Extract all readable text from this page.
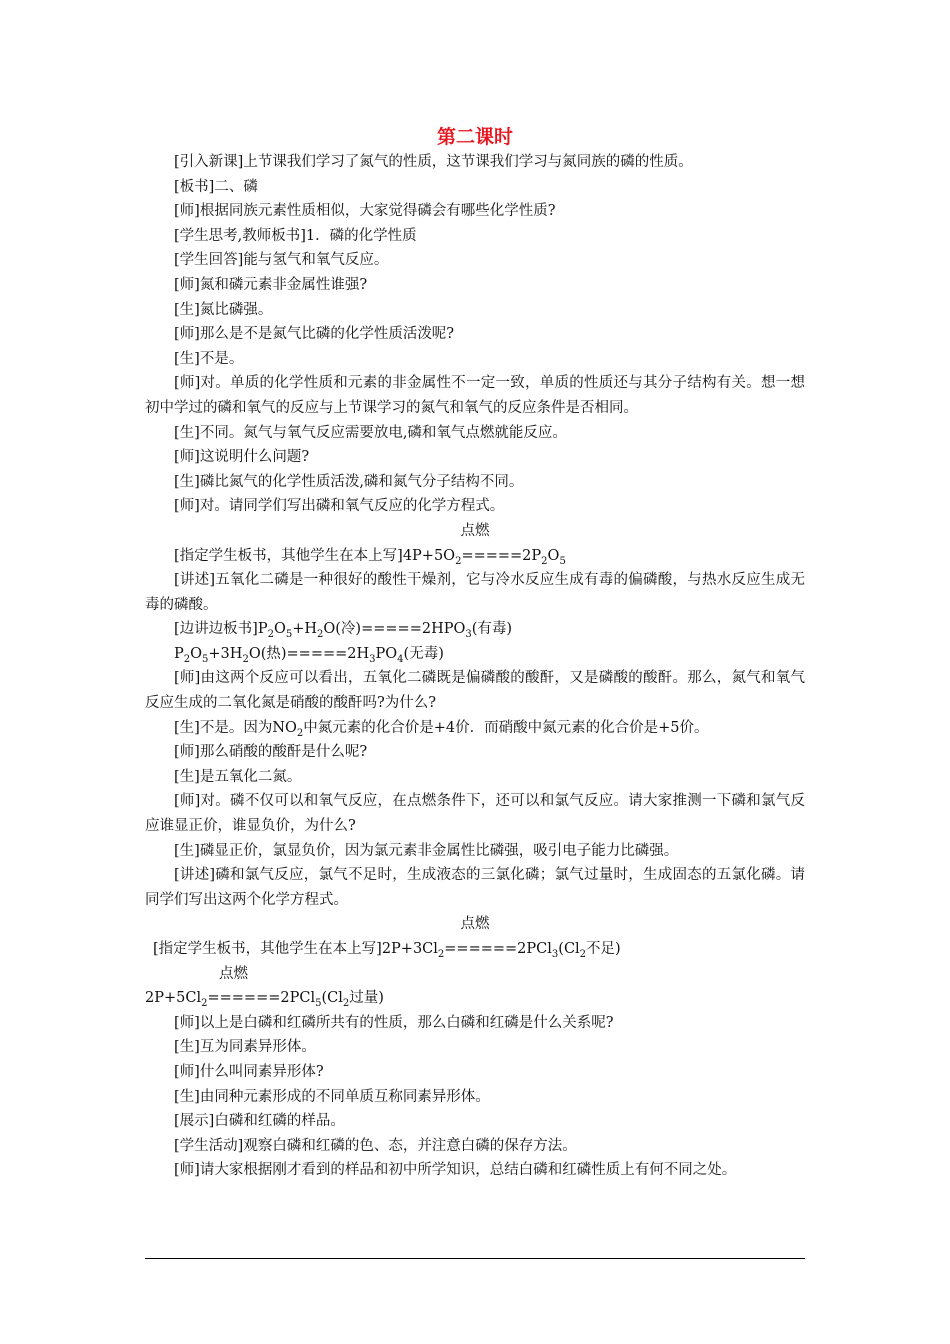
第二课时

[引入新课]上节课我们学习了氮气的性质，这节课我们学习与氮同族的磷的性质。

[板书]二、磷

[师]根据同族元素性质相似，大家觉得磷会有哪些化学性质?

[学生思考,教师板书]1．磷的化学性质

[学生回答]能与氢气和氧气反应。

[师]氮和磷元素非金属性谁强?

[生]氮比磷强。

[师]那么是不是氮气比磷的化学性质活泼呢?

[生]不是。

[师]对。单质的化学性质和元素的非金属性不一定一致，单质的性质还与其分子结构有关。想一想初中学过的磷和氧气的反应与上节课学习的氮气和氧气的反应条件是否相同。

[生]不同。氮气与氧气反应需要放电,磷和氧气点燃就能反应。

[师]这说明什么问题?

[生]磷比氮气的化学性质活泼,磷和氮气分子结构不同。

[师]对。请同学们写出磷和氧气反应的化学方程式。

点燃

[指定学生板书，其他学生在本上写]$4P+5O_2=====2P_2O_5$

[讲述]五氧化二磷是一种很好的酸性干燥剂，它与冷水反应生成有毒的偏磷酸，与热水反应生成无毒的磷酸。

[边讲边板书]$P_2O_5+H_2O$(冷)$=====2HPO_3$(有毒)

$P_2O_5+3H_2O$(热)$=====2H_3PO_4$(无毒)

[师]由这两个反应可以看出，五氧化二磷既是偏磷酸的酸酐，又是磷酸的酸酐。那么，氮气和氧气反应生成的二氧化氮是硝酸的酸酐吗?为什么?

[生]不是。因为$NO_2$中氮元素的化合价是+4价．而硝酸中氮元素的化合价是+5价。

[师]那么硝酸的酸酐是什么呢?

[生]是五氧化二氮。

[师]对。磷不仅可以和氧气反应，在点燃条件下，还可以和氯气反应。请大家推测一下磷和氯气反应谁显正价，谁显负价，为什么?

[生]磷显正价，氯显负价，因为氯元素非金属性比磷强，吸引电子能力比磷强。

[讲述]磷和氯气反应，氯气不足时，生成液态的三氯化磷；氯气过量时，生成固态的五氯化磷。请同学们写出这两个化学方程式。

点燃

[指定学生板书，其他学生在本上写]$2P+3Cl_2======2PCl_3(Cl_2$不足)

点燃

$2P+5Cl_2======2PCl_5(Cl_2$过量)

[师]以上是白磷和红磷所共有的性质，那么白磷和红磷是什么关系呢?

[生]互为同素异形体。

[师]什么叫同素异形体?

[生]由同种元素形成的不同单质互称同素异形体。

[展示]白磷和红磷的样品。

[学生活动]观察白磷和红磷的色、态，并注意白磷的保存方法。

[师]请大家根据刚才看到的样品和初中所学知识，总结白磷和红磷性质上有何不同之处。
